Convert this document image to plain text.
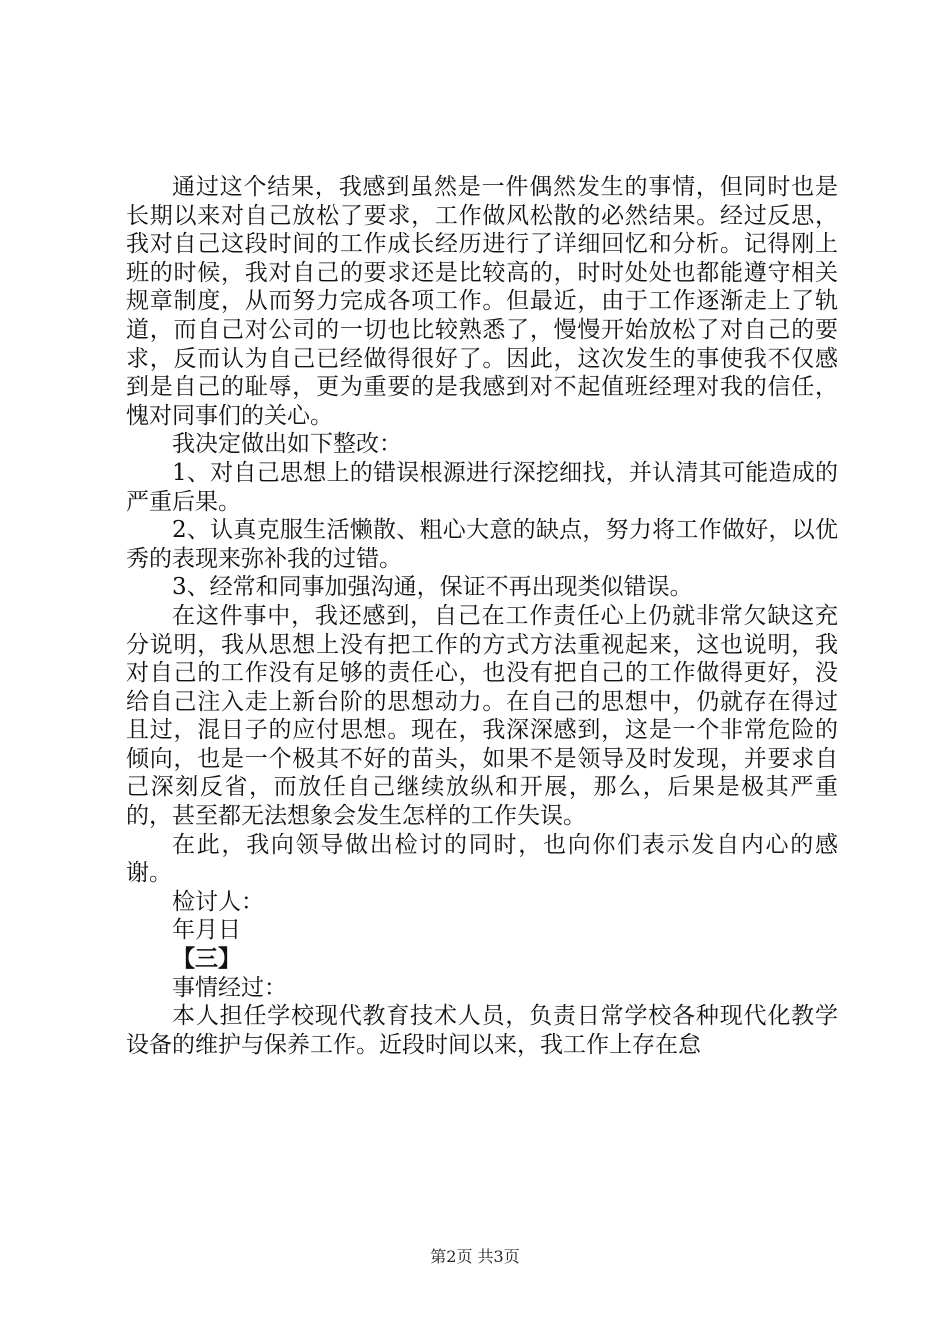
通过这个结果，我感到虽然是一件偶然发生的事情，但同时也是长期以来对自己放松了要求，工作做风松散的必然结果。经过反思，我对自己这段时间的工作成长经历进行了详细回忆和分析。记得刚上班的时候，我对自己的要求还是比较高的，时时处处也都能遵守相关规章制度，从而努力完成各项工作。但最近，由于工作逐渐走上了轨道，而自己对公司的一切也比较熟悉了，慢慢开始放松了对自己的要求，反而认为自己已经做得很好了。因此，这次发生的事使我不仅感到是自己的耻辱，更为重要的是我感到对不起值班经理对我的信任，愧对同事们的关心。

我决定做出如下整改：

1、对自己思想上的错误根源进行深挖细找，并认清其可能造成的严重后果。

2、认真克服生活懒散、粗心大意的缺点，努力将工作做好，以优秀的表现来弥补我的过错。

3、经常和同事加强沟通，保证不再出现类似错误。

在这件事中，我还感到，自己在工作责任心上仍就非常欠缺这充分说明，我从思想上没有把工作的方式方法重视起来，这也说明，我对自己的工作没有足够的责任心，也没有把自己的工作做得更好，没给自己注入走上新台阶的思想动力。在自己的思想中，仍就存在得过且过，混日子的应付思想。现在，我深深感到，这是一个非常危险的倾向，也是一个极其不好的苗头，如果不是领导及时发现，并要求自己深刻反省，而放任自己继续放纵和开展，那么，后果是极其严重的，甚至都无法想象会发生怎样的工作失误。

在此，我向领导做出检讨的同时，也向你们表示发自内心的感谢。

检讨人：

年月日

【三】

事情经过：

本人担任学校现代教育技术人员，负责日常学校各种现代化教学设备的维护与保养工作。近段时间以来，我工作上存在怠

第2页 共3页
